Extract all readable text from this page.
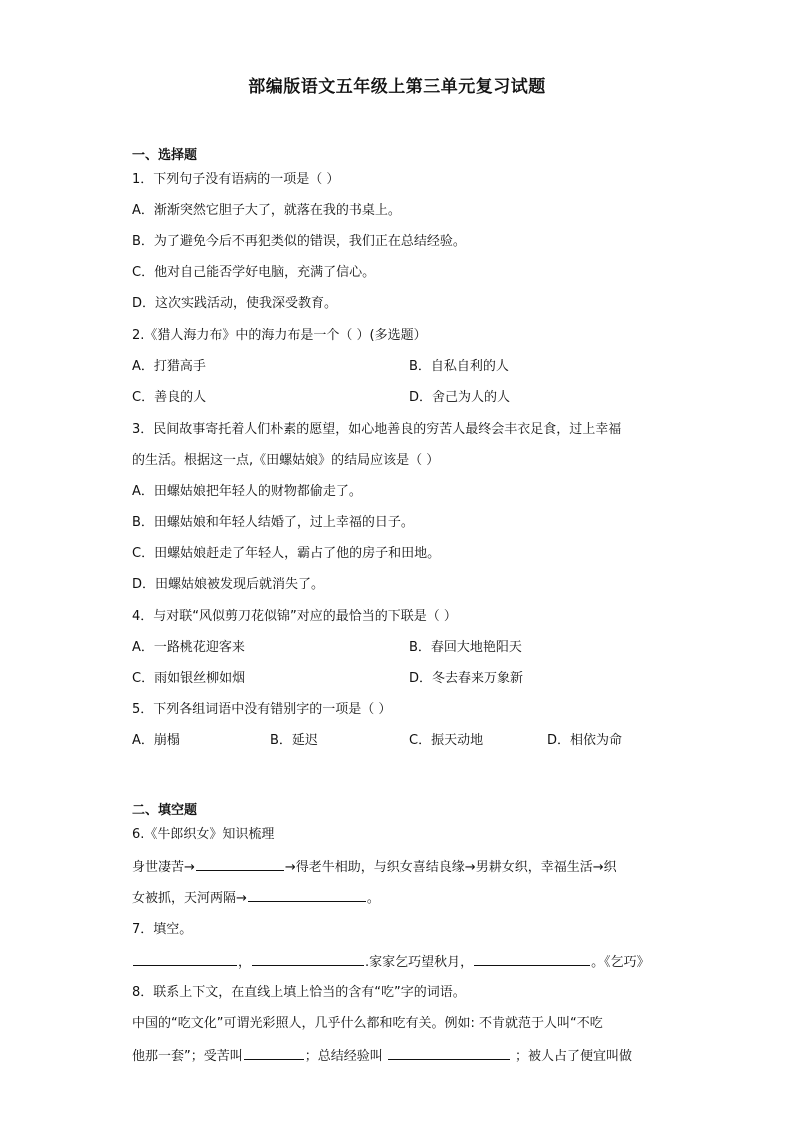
部编版语文五年级上第三单元复习试题
一、选择题
1．下列句子没有语病的一项是（ ）
A．渐渐突然它胆子大了，就落在我的书桌上。
B．为了避免今后不再犯类似的错误，我们正在总结经验。
C．他对自己能否学好电脑，充满了信心。
D．这次实践活动，使我深受教育。
2.《猎人海力布》中的海力布是一个（ ）(多选题）
A．打猎高手	B．自私自利的人
C．善良的人	D．舍己为人的人
3．民间故事寄托着人们朴素的愿望，如心地善良的穷苦人最终会丰衣足食，过上幸福
的生活。根据这一点,《田螺姑娘》的结局应该是（ ）
A．田螺姑娘把年轻人的财物都偷走了。
B．田螺姑娘和年轻人结婚了，过上幸福的日子。
C．田螺姑娘赶走了年轻人，霸占了他的房子和田地。
D．田螺姑娘被发现后就消失了。
4．与对联“风似剪刀花似锦”对应的最恰当的下联是（ ）
A．一路桃花迎客来	B．春回大地艳阳天
C．雨如银丝柳如烟	D．冬去春来万象新
5．下列各组词语中没有错别字的一项是（ ）
A．崩榻	B．延迟	C．振天动地	D．相依为命
二、填空题
6.《牛郎织女》知识梳理
身世凄苦→	→得老牛相助，与织女喜结良缘→男耕女织，幸福生活→织
女被抓，天河两隔→	。
7．填空。
，	.家家乞巧望秋月，	。《乞巧》
8．联系上下文，在直线上填上恰当的含有“吃”字的词语。
中国的“吃文化”可谓光彩照人，几乎什么都和吃有关。例如: 不肯就范于人叫“不吃
他那一套”；受苦叫	；总结经验叫	；被人占了便宜叫做
